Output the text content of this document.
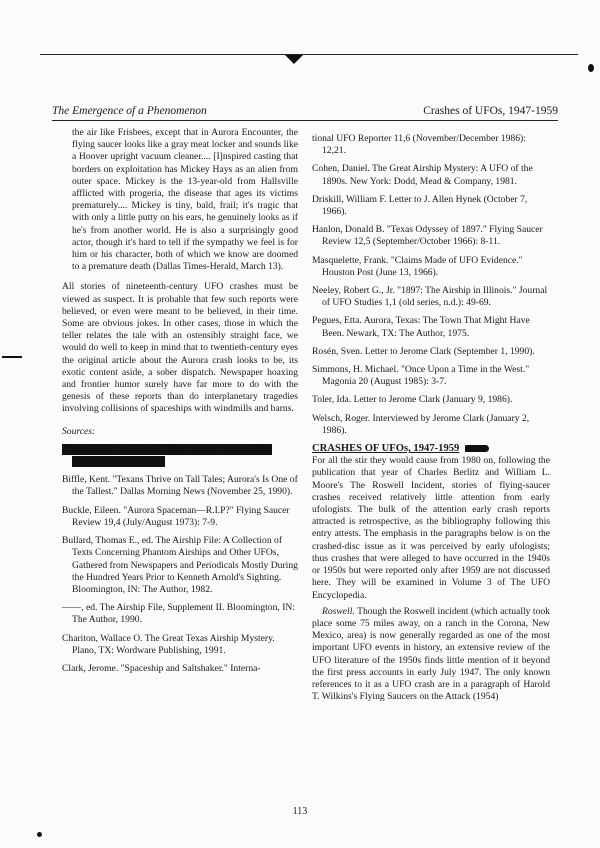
The Emergence of a Phenomenon	Crashes of UFOs, 1947-1959

the air like Frisbees, except that in Aurora Encounter, the flying saucer looks like a gray meat locker and sounds like a Hoover upright vacuum cleaner.... [I]nspired casting that borders on exploitation has Mickey Hays as an alien from outer space. Mickey is the 13-year-old from Hallsville afflicted with progeria, the disease that ages its victims prematurely.... Mickey is tiny, bald, frail; it's tragic that with only a little putty on his ears, he genuinely looks as if he's from another world. He is also a surprisingly good actor, though it's hard to tell if the sympathy we feel is for him or his character, both of which we know are doomed to a premature death (Dallas Times-Herald, March 13).

All stories of nineteenth-century UFO crashes must be viewed as suspect. It is probable that few such reports were believed, or even were meant to be believed, in their time. Some are obvious jokes. In other cases, those in which the teller relates the tale with an ostensibly straight face, we would do well to keep in mind that to twentieth-century eyes the original article about the Aurora crash looks to be, its exotic content aside, a sober dispatch. Newspaper hoaxing and frontier humor surely have far more to do with the genesis of these reports than do interplanetary tragedies involving collisions of spaceships with windmills and barns.

Sources:

"The Aurora, Texas, Case." The A.P.R.O. Bulletin 21,6 (May/June 1973): 1,3-4.

Biffle, Kent. "Texans Thrive on Tall Tales; Aurora's Is One of the Tallest." Dallas Morning News (November 25, 1990).

Buckle, Eileen. "Aurora Spaceman—R.I.P?" Flying Saucer Review 19,4 (July/August 1973): 7-9.

Bullard, Thomas E., ed. The Airship File: A Collection of Texts Concerning Phantom Airships and Other UFOs, Gathered from Newspapers and Periodicals Mostly During the Hundred Years Prior to Kenneth Arnold's Sighting. Bloomington, IN: The Author, 1982.

——, ed. The Airship File, Supplement II. Bloomington, IN: The Author, 1990.

Chariton, Wallace O. The Great Texas Airship Mystery. Plano, TX: Wordware Publishing, 1991.

Clark, Jerome. "Spaceship and Saltshaker." Interna-

tional UFO Reporter 11,6 (November/December 1986): 12,21.

Cohen, Daniel. The Great Airship Mystery: A UFO of the 1890s. New York: Dodd, Mead & Company, 1981.

Driskill, William F. Letter to J. Allen Hynek (October 7, 1966).

Hanlon, Donald B. "Texas Odyssey of 1897." Flying Saucer Review 12,5 (September/October 1966): 8-11.

Masquelette, Frank. "Claims Made of UFO Evidence." Houston Post (June 13, 1966).

Neeley, Robert G., Jr. "1897: The Airship in Illinois." Journal of UFO Studies 1,1 (old series, n.d.): 49-69.

Pegues, Etta. Aurora, Texas: The Town That Might Have Been. Newark, TX: The Author, 1975.

Rosén, Sven. Letter to Jerome Clark (September 1, 1990).

Simmons, H. Michael. "Once Upon a Time in the West." Magonia 20 (August 1985): 3-7.

Toler, Ida. Letter to Jerome Clark (January 9, 1986).

Welsch, Roger. Interviewed by Jerome Clark (January 2, 1986).

CRASHES OF UFOs, 1947-1959

For all the stir they would cause from 1980 on, following the publication that year of Charles Berlitz and William L. Moore's The Roswell Incident, stories of flying-saucer crashes received relatively little attention from early ufologists. The bulk of the attention early crash reports attracted is retrospective, as the bibliography following this entry attests. The emphasis in the paragraphs below is on the crashed-disc issue as it was perceived by early ufologists; thus crashes that were alleged to have occurred in the 1940s or 1950s but were reported only after 1959 are not discussed here. They will be examined in Volume 3 of The UFO Encyclopedia.

Roswell. Though the Roswell incident (which actually took place some 75 miles away, on a ranch in the Corona, New Mexico, area) is now generally regarded as one of the most important UFO events in history, an extensive review of the UFO literature of the 1950s finds little mention of it beyond the first press accounts in early July 1947. The only known references to it as a UFO crash are in a paragraph of Harold T. Wilkins's Flying Saucers on the Attack (1954)

113
